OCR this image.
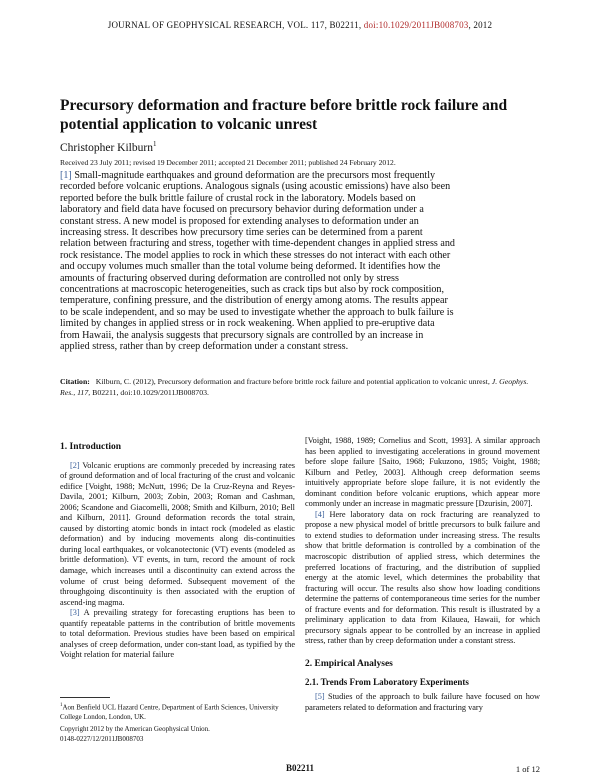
JOURNAL OF GEOPHYSICAL RESEARCH, VOL. 117, B02211, doi:10.1029/2011JB008703, 2012
Precursory deformation and fracture before brittle rock failure and potential application to volcanic unrest
Christopher Kilburn$^1$
Received 23 July 2011; revised 19 December 2011; accepted 21 December 2011; published 24 February 2012.

[1] Small-magnitude earthquakes and ground deformation are the precursors most frequently recorded before volcanic eruptions. Analogous signals (using acoustic emissions) have also been reported before the bulk brittle failure of crustal rock in the laboratory. Models based on laboratory and field data have focused on precursory behavior during deformation under a constant stress. A new model is proposed for extending analyses to deformation under an increasing stress. It describes how precursory time series can be determined from a parent relation between fracturing and stress, together with time-dependent changes in applied stress and rock resistance. The model applies to rock in which these stresses do not interact with each other and occupy volumes much smaller than the total volume being deformed. It identifies how the amounts of fracturing observed during deformation are controlled not only by stress concentrations at macroscopic heterogeneities, such as crack tips but also by rock composition, temperature, confining pressure, and the distribution of energy among atoms. The results appear to be scale independent, and so may be used to investigate whether the approach to bulk failure is limited by changes in applied stress or in rock weakening. When applied to pre-eruptive data from Hawaii, the analysis suggests that precursory signals are controlled by an increase in applied stress, rather than by creep deformation under a constant stress.

Citation: Kilburn, C. (2012), Precursory deformation and fracture before brittle rock failure and potential application to volcanic unrest, J. Geophys. Res., 117, B02211, doi:10.1029/2011JB008703.
1. Introduction

[2] Volcanic eruptions are commonly preceded by increasing rates of ground deformation and of local fracturing of the crust and volcanic edifice [Voight, 1988; McNutt, 1996; De la Cruz-Reyna and Reyes-Davila, 2001; Kilburn, 2003; Zobin, 2003; Roman and Cashman, 2006; Scandone and Giacomelli, 2008; Smith and Kilburn, 2010; Bell and Kilburn, 2011]. Ground deformation records the total strain, caused by distorting atomic bonds in intact rock (modeled as elastic deformation) and by inducing movements along dis-continuities during local earthquakes, or volcanotectonic (VT) events (modeled as brittle deformation). VT events, in turn, record the amount of rock damage, which increases until a discontinuity can extend across the volume of crust being deformed. Subsequent movement of the throughgoing discontinuity is then associated with the eruption of ascend-ing magma.

[3] A prevailing strategy for forecasting eruptions has been to quantify repeatable patterns in the contribution of brittle movements to total deformation. Previous studies have been based on empirical analyses of creep deformation, under con-stant load, as typified by the Voight relation for material failure

[Voight, 1988, 1989; Cornelius and Scott, 1993]. A similar approach has been applied to investigating accelerations in ground movement before slope failure [Saito, 1968; Fukuzono, 1985; Voight, 1988; Kilburn and Petley, 2003]. Although creep deformation seems intuitively appropriate before slope failure, it is not evidently the dominant condition before volcanic eruptions, which appear more commonly under an increase in magmatic pressure [Dzurisin, 2007].

[4] Here laboratory data on rock fracturing are reanalyzed to propose a new physical model of brittle precursors to bulk failure and to extend studies to deformation under increasing stress. The results show that brittle deformation is controlled by a combination of the macroscopic distribution of applied stress, which determines the preferred locations of fracturing, and the distribution of supplied energy at the atomic level, which determines the probability that fracturing will occur. The results also show how loading conditions determine the patterns of contemporaneous time series for the number of fracture events and for deformation. This result is illustrated by a preliminary application to data from Kilauea, Hawaii, for which precursory signals appear to be controlled by an increase in applied stress, rather than by creep deformation under a constant stress.

2. Empirical Analyses
2.1. Trends From Laboratory Experiments

[5] Studies of the approach to bulk failure have focused on how parameters related to deformation and fracturing vary

$^1$Aon Benfield UCL Hazard Centre, Department of Earth Sciences, University College London, London, UK.
Copyright 2012 by the American Geophysical Union.
0148-0227/12/2011JB008703
B02211	1 of 12
